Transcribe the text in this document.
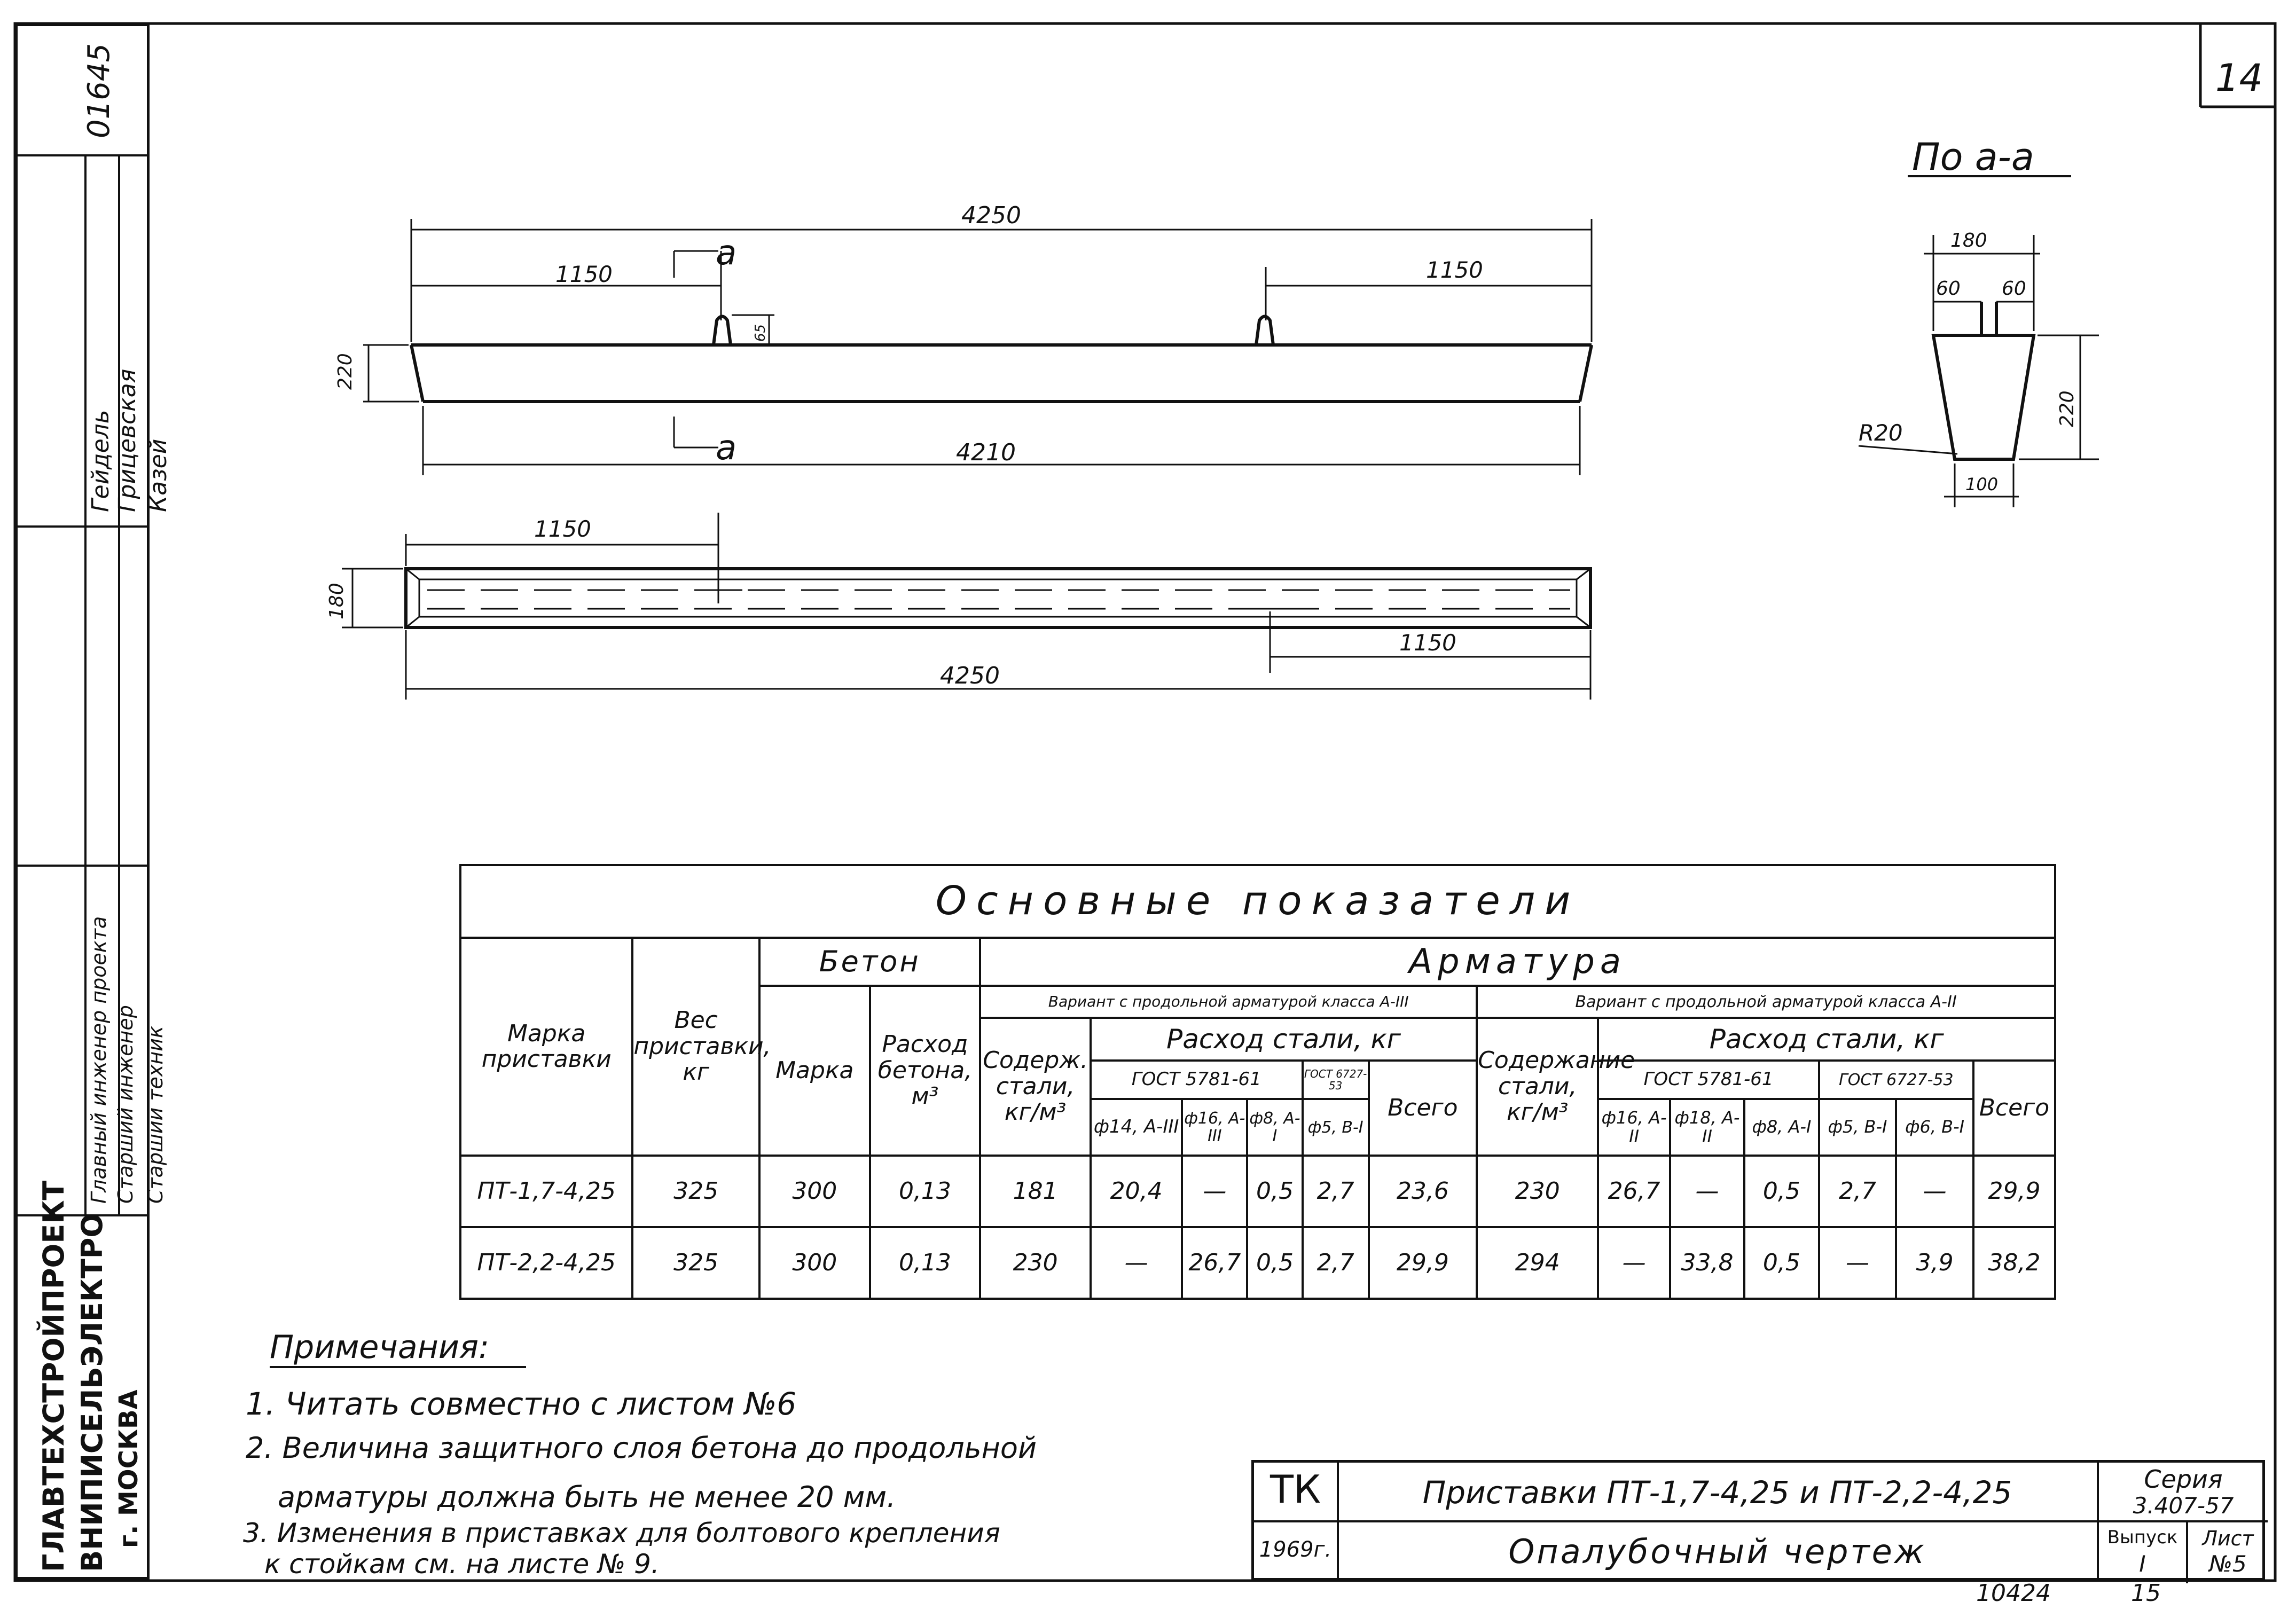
4250
1150	1150
a
a	4210
220
65
1150
1150
4250
180
По а-а
180
60 60
220
100
R20
14
10424	15
01645
Гейдель Грицевская Казей
Главный инженер проекта Старший инженер Старший техник
ГЛАВТЕХСТРОЙПРОЕКТ ВНИПИСЕЛЬЭЛЕКТРО г. МОСКВА
Основные показатели																
Марка приставки	Вес приставки, кг	Бетон		Арматура												
		Марка	Расход бетона, м³	Вариант с продольной арматурой класса А-III						Вариант с продольной арматурой класса А-II						
				Содерж. стали, кг/м³	Расход стали, кг					Содержание стали, кг/м³	Расход стали, кг					
					ГОСТ 5781-61			ГОСТ 6727-53	Всего		ГОСТ 5781-61			ГОСТ 6727-53		Всего
					ф14, А-III	ф16, А-III	ф8, А-I	ф5, В-I			ф16, А-II	ф18, А-II	ф8, А-I	ф5, В-I	ф6, В-I	
ПТ-1,7-4,25	325	300	0,13	181	20,4	—	0,5	2,7	23,6	230	26,7	—	0,5	2,7	—	29,9
ПТ-2,2-4,25	325	300	0,13	230	—	26,7	0,5	2,7	29,9	294	—	33,8	0,5	—	3,9	38,2
Примечания:
1. Читать совместно с листом №6
2. Величина защитного слоя бетона до продольной
арматуры должна быть не менее 20 мм.
3. Изменения в приставках для болтового крепления
к стойкам см. на листе № 9.
ТК
1969г.
Приставки ПТ-1,7-4,25 и ПТ-2,2-4,25
Опалубочный чертеж
Серия
3.407-57
Выпуск
I
Лист
№5
